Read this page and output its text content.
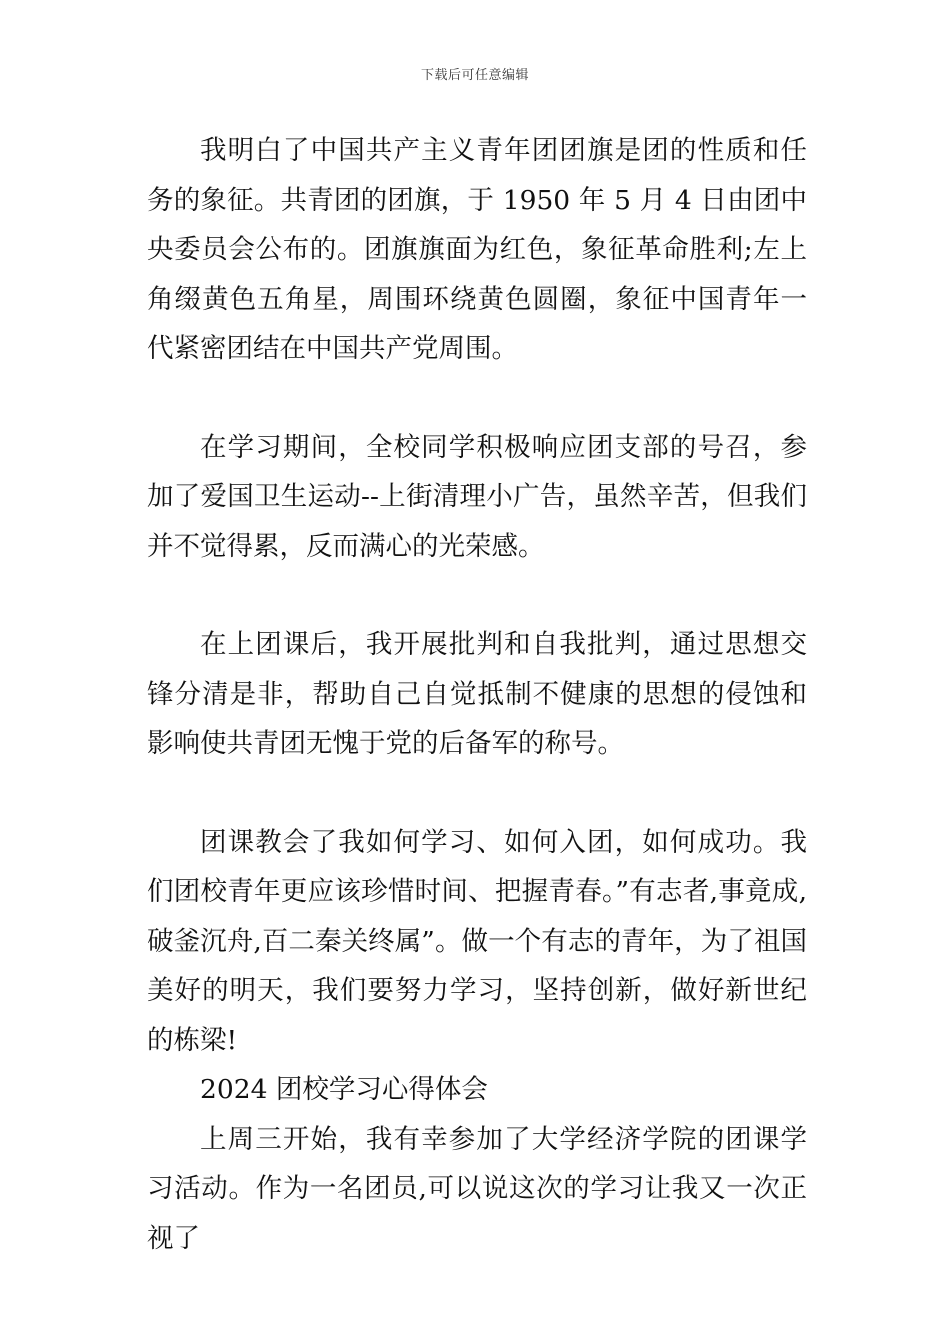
下载后可任意编辑

我明白了中国共产主义青年团团旗是团的性质和任务的象征。共青团的团旗，于 1950 年 5 月 4 日由团中央委员会公布的。团旗旗面为红色，象征革命胜利;左上角缀黄色五角星，周围环绕黄色圆圈，象征中国青年一代紧密团结在中国共产党周围。

在学习期间，全校同学积极响应团支部的号召，参加了爱国卫生运动--上街清理小广告，虽然辛苦，但我们并不觉得累，反而满心的光荣感。

在上团课后，我开展批判和自我批判，通过思想交锋分清是非，帮助自己自觉抵制不健康的思想的侵蚀和影响使共青团无愧于党的后备军的称号。

团课教会了我如何学习、如何入团，如何成功。我们团校青年更应该珍惜时间、把握青春。”有志者,事竟成,破釜沉舟,百二秦关终属”。做一个有志的青年，为了祖国美好的明天，我们要努力学习，坚持创新，做好新世纪的栋梁!

2024 团校学习心得体会

上周三开始，我有幸参加了大学经济学院的团课学习活动。作为一名团员,可以说这次的学习让我又一次正视了
